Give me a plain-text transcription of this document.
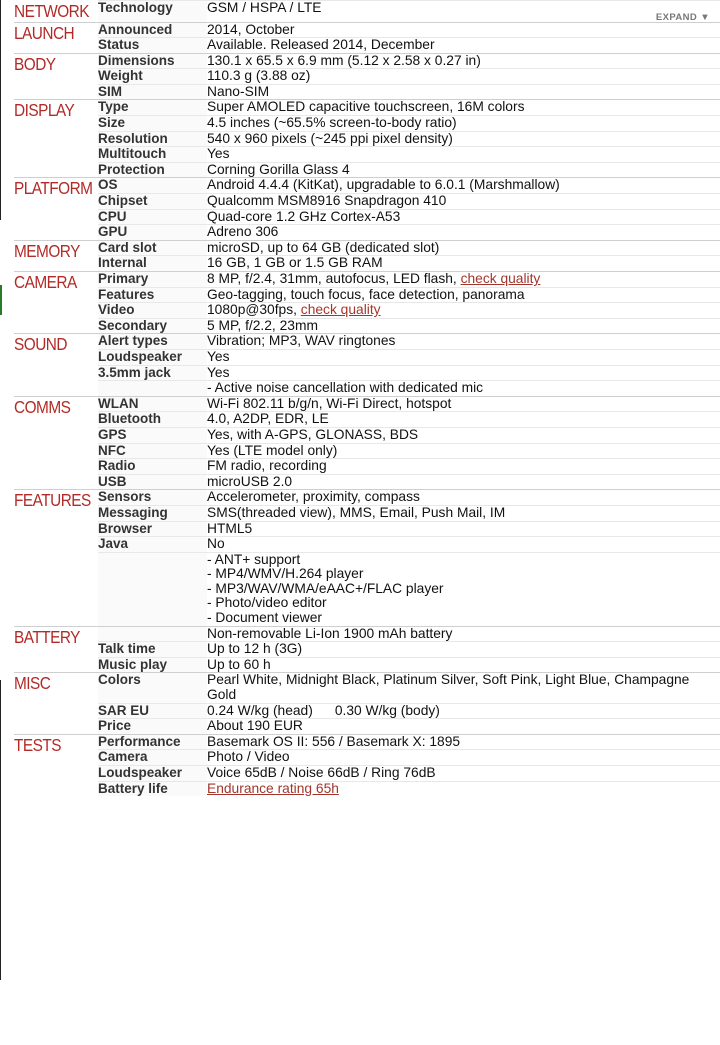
NETWORK	Technology	GSM / HSPA / LTE
LAUNCH	Announced	2014, October
	Status	Available. Released 2014, December
BODY	Dimensions	130.1 x 65.5 x 6.9 mm (5.12 x 2.58 x 0.27 in)
	Weight	110.3 g (3.88 oz)
	SIM	Nano-SIM
DISPLAY	Type	Super AMOLED capacitive touchscreen, 16M colors
	Size	4.5 inches (~65.5% screen-to-body ratio)
	Resolution	540 x 960 pixels (~245 ppi pixel density)
	Multitouch	Yes
	Protection	Corning Gorilla Glass 4
PLATFORM	OS	Android 4.4.4 (KitKat), upgradable to 6.0.1 (Marshmallow)
	Chipset	Qualcomm MSM8916 Snapdragon 410
	CPU	Quad-core 1.2 GHz Cortex-A53
	GPU	Adreno 306
MEMORY	Card slot	microSD, up to 64 GB (dedicated slot)
	Internal	16 GB, 1 GB or 1.5 GB RAM
CAMERA	Primary	8 MP, f/2.4, 31mm, autofocus, LED flash, check quality
	Features	Geo-tagging, touch focus, face detection, panorama
	Video	1080p@30fps, check quality
	Secondary	5 MP, f/2.2, 23mm
SOUND	Alert types	Vibration; MP3, WAV ringtones
	Loudspeaker	Yes
	3.5mm jack	Yes
		- Active noise cancellation with dedicated mic
COMMS	WLAN	Wi-Fi 802.11 b/g/n, Wi-Fi Direct, hotspot
	Bluetooth	4.0, A2DP, EDR, LE
	GPS	Yes, with A-GPS, GLONASS, BDS
	NFC	Yes (LTE model only)
	Radio	FM radio, recording
	USB	microUSB 2.0
FEATURES	Sensors	Accelerometer, proximity, compass
	Messaging	SMS(threaded view), MMS, Email, Push Mail, IM
	Browser	HTML5
	Java	No

		- ANT+ support
- MP4/WMV/H.264 player
- MP3/WAV/WMA/eAAC+/FLAC player
- Photo/video editor
- Document viewer

BATTERY		Non-removable Li-Ion 1900 mAh battery
	Talk time	Up to 12 h (3G)
	Music play	Up to 60 h
MISC	Colors	Pearl White, Midnight Black, Platinum Silver, Soft Pink, Light Blue, Champagne Gold
	SAR EU	0.24 W/kg (head) 0.30 W/kg (body)
	Price	About 190 EUR
TESTS	Performance	Basemark OS II: 556 / Basemark X: 1895
	Camera	Photo / Video
	Loudspeaker	Voice 65dB / Noise 66dB / Ring 76dB
	Battery life	Endurance rating 65h
EXPAND ▼
